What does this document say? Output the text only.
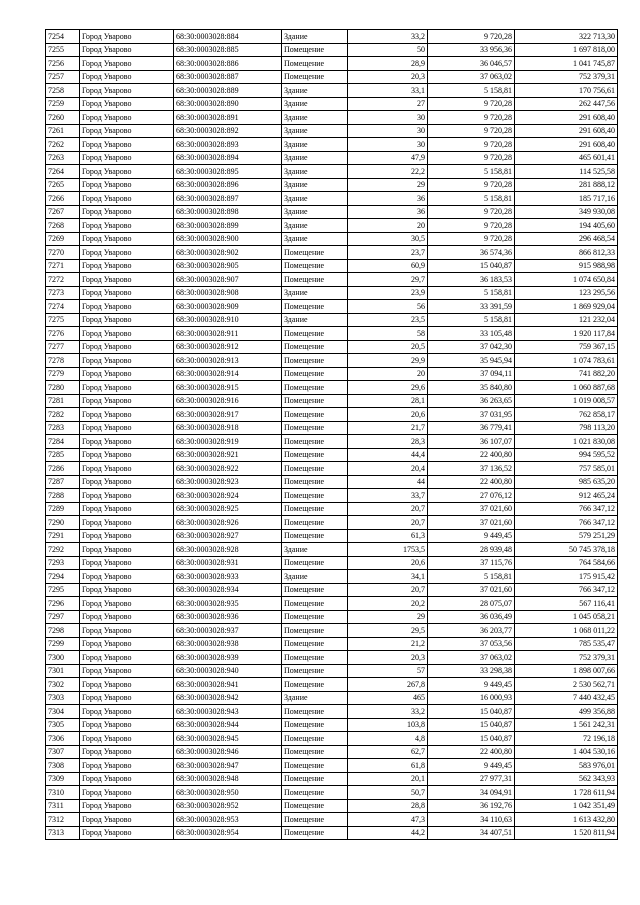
7254	Город Уварово	68:30:0003028:884	Здание	33,2	9 720,28	322 713,30
7255	Город Уварово	68:30:0003028:885	Помещение	50	33 956,36	1 697 818,00
7256	Город Уварово	68:30:0003028:886	Помещение	28,9	36 046,57	1 041 745,87
7257	Город Уварово	68:30:0003028:887	Помещение	20,3	37 063,02	752 379,31
7258	Город Уварово	68:30:0003028:889	Здание	33,1	5 158,81	170 756,61
7259	Город Уварово	68:30:0003028:890	Здание	27	9 720,28	262 447,56
7260	Город Уварово	68:30:0003028:891	Здание	30	9 720,28	291 608,40
7261	Город Уварово	68:30:0003028:892	Здание	30	9 720,28	291 608,40
7262	Город Уварово	68:30:0003028:893	Здание	30	9 720,28	291 608,40
7263	Город Уварово	68:30:0003028:894	Здание	47,9	9 720,28	465 601,41
7264	Город Уварово	68:30:0003028:895	Здание	22,2	5 158,81	114 525,58
7265	Город Уварово	68:30:0003028:896	Здание	29	9 720,28	281 888,12
7266	Город Уварово	68:30:0003028:897	Здание	36	5 158,81	185 717,16
7267	Город Уварово	68:30:0003028:898	Здание	36	9 720,28	349 930,08
7268	Город Уварово	68:30:0003028:899	Здание	20	9 720,28	194 405,60
7269	Город Уварово	68:30:0003028:900	Здание	30,5	9 720,28	296 468,54
7270	Город Уварово	68:30:0003028:902	Помещение	23,7	36 574,36	866 812,33
7271	Город Уварово	68:30:0003028:905	Помещение	60,9	15 040,87	915 988,98
7272	Город Уварово	68:30:0003028:907	Помещение	29,7	36 183,53	1 074 650,84
7273	Город Уварово	68:30:0003028:908	Здание	23,9	5 158,81	123 295,56
7274	Город Уварово	68:30:0003028:909	Помещение	56	33 391,59	1 869 929,04
7275	Город Уварово	68:30:0003028:910	Здание	23,5	5 158,81	121 232,04
7276	Город Уварово	68:30:0003028:911	Помещение	58	33 105,48	1 920 117,84
7277	Город Уварово	68:30:0003028:912	Помещение	20,5	37 042,30	759 367,15
7278	Город Уварово	68:30:0003028:913	Помещение	29,9	35 945,94	1 074 783,61
7279	Город Уварово	68:30:0003028:914	Помещение	20	37 094,11	741 882,20
7280	Город Уварово	68:30:0003028:915	Помещение	29,6	35 840,80	1 060 887,68
7281	Город Уварово	68:30:0003028:916	Помещение	28,1	36 263,65	1 019 008,57
7282	Город Уварово	68:30:0003028:917	Помещение	20,6	37 031,95	762 858,17
7283	Город Уварово	68:30:0003028:918	Помещение	21,7	36 779,41	798 113,20
7284	Город Уварово	68:30:0003028:919	Помещение	28,3	36 107,07	1 021 830,08
7285	Город Уварово	68:30:0003028:921	Помещение	44,4	22 400,80	994 595,52
7286	Город Уварово	68:30:0003028:922	Помещение	20,4	37 136,52	757 585,01
7287	Город Уварово	68:30:0003028:923	Помещение	44	22 400,80	985 635,20
7288	Город Уварово	68:30:0003028:924	Помещение	33,7	27 076,12	912 465,24
7289	Город Уварово	68:30:0003028:925	Помещение	20,7	37 021,60	766 347,12
7290	Город Уварово	68:30:0003028:926	Помещение	20,7	37 021,60	766 347,12
7291	Город Уварово	68:30:0003028:927	Помещение	61,3	9 449,45	579 251,29
7292	Город Уварово	68:30:0003028:928	Здание	1753,5	28 939,48	50 745 378,18
7293	Город Уварово	68:30:0003028:931	Помещение	20,6	37 115,76	764 584,66
7294	Город Уварово	68:30:0003028:933	Здание	34,1	5 158,81	175 915,42
7295	Город Уварово	68:30:0003028:934	Помещение	20,7	37 021,60	766 347,12
7296	Город Уварово	68:30:0003028:935	Помещение	20,2	28 075,07	567 116,41
7297	Город Уварово	68:30:0003028:936	Помещение	29	36 036,49	1 045 058,21
7298	Город Уварово	68:30:0003028:937	Помещение	29,5	36 203,77	1 068 011,22
7299	Город Уварово	68:30:0003028:938	Помещение	21,2	37 053,56	785 535,47
7300	Город Уварово	68:30:0003028:939	Помещение	20,3	37 063,02	752 379,31
7301	Город Уварово	68:30:0003028:940	Помещение	57	33 298,38	1 898 007,66
7302	Город Уварово	68:30:0003028:941	Помещение	267,8	9 449,45	2 530 562,71
7303	Город Уварово	68:30:0003028:942	Здание	465	16 000,93	7 440 432,45
7304	Город Уварово	68:30:0003028:943	Помещение	33,2	15 040,87	499 356,88
7305	Город Уварово	68:30:0003028:944	Помещение	103,8	15 040,87	1 561 242,31
7306	Город Уварово	68:30:0003028:945	Помещение	4,8	15 040,87	72 196,18
7307	Город Уварово	68:30:0003028:946	Помещение	62,7	22 400,80	1 404 530,16
7308	Город Уварово	68:30:0003028:947	Помещение	61,8	9 449,45	583 976,01
7309	Город Уварово	68:30:0003028:948	Помещение	20,1	27 977,31	562 343,93
7310	Город Уварово	68:30:0003028:950	Помещение	50,7	34 094,91	1 728 611,94
7311	Город Уварово	68:30:0003028:952	Помещение	28,8	36 192,76	1 042 351,49
7312	Город Уварово	68:30:0003028:953	Помещение	47,3	34 110,63	1 613 432,80
7313	Город Уварово	68:30:0003028:954	Помещение	44,2	34 407,51	1 520 811,94
